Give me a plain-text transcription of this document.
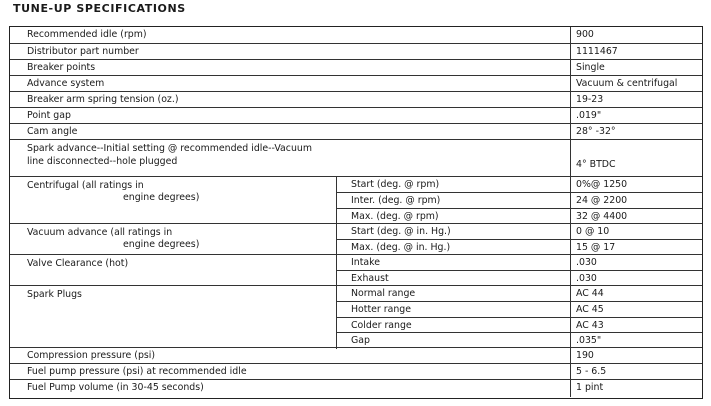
TUNE-UP SPECIFICATIONS
Recommended idle (rpm)	900
Distributor part number	1111467
Breaker points	Single
Advance system	Vacuum & centrifugal
Breaker arm spring tension (oz.)	19-23
Point gap	.019"
Cam angle	28° -32°
Spark advance--Initial setting @ recommended idle--Vacuum
line disconnected--hole plugged	4° BTDC
Centrifugal (all ratings in
engine degrees)
Start (deg. @ rpm)	0%@ 1250
Inter. (deg. @ rpm)	24 @ 2200
Max. (deg. @ rpm)	32 @ 4400
Vacuum advance (all ratings in
engine degrees)
Start (deg. @ in. Hg.)	0 @ 10
Max. (deg. @ in. Hg.)	15 @ 17
Valve Clearance (hot)	Intake	.030
Exhaust	.030
Spark Plugs	Normal range	AC 44
Hotter range	AC 45
Colder range	AC 43
Gap	.035"
Compression pressure (psi)	190
Fuel pump pressure (psi) at recommended idle	5 - 6.5
Fuel Pump volume (in 30-45 seconds)	1 pint
